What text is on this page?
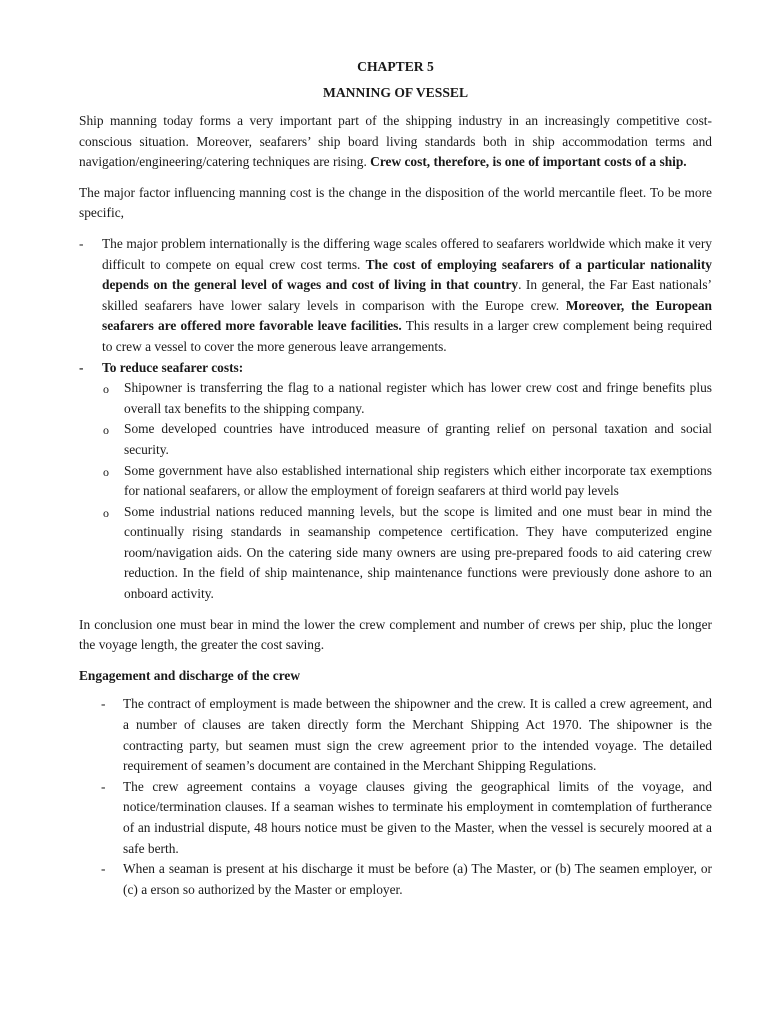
CHAPTER 5
MANNING OF VESSEL

Ship manning today forms a very important part of the shipping industry in an increasingly competitive cost-conscious situation. Moreover, seafarers’ ship board living standards both in ship accommodation terms and navigation/engineering/catering techniques are rising. Crew cost, therefore, is one of important costs of a ship.

The major factor influencing manning cost is the change in the disposition of the world mercantile fleet. To be more specific,

- The major problem internationally is the differing wage scales offered to seafarers worldwide which make it very difficult to compete on equal crew cost terms. The cost of employing seafarers of a particular nationality depends on the general level of wages and cost of living in that country. In general, the Far East nationals’ skilled seafarers have lower salary levels in comparison with the Europe crew. Moreover, the European seafarers are offered more favorable leave facilities. This results in a larger crew complement being required to crew a vessel to cover the more generous leave arrangements.
- To reduce seafarer costs:
o Shipowner is transferring the flag to a national register which has lower crew cost and fringe benefits plus overall tax benefits to the shipping company.
o Some developed countries have introduced measure of granting relief on personal taxation and social security.
o Some government have also established international ship registers which either incorporate tax exemptions for national seafarers, or allow the employment of foreign seafarers at third world pay levels
o Some industrial nations reduced manning levels, but the scope is limited and one must bear in mind the continually rising standards in seamanship competence certification. They have computerized engine room/navigation aids. On the catering side many owners are using pre-prepared foods to aid catering crew reduction. In the field of ship maintenance, ship maintenance functions were previously done ashore to an onboard activity.

In conclusion one must bear in mind the lower the crew complement and number of crews per ship, pluc the longer the voyage length, the greater the cost saving.

Engagement and discharge of the crew
- The contract of employment is made between the shipowner and the crew. It is called a crew agreement, and a number of clauses are taken directly form the Merchant Shipping Act 1970. The shipowner is the contracting party, but seamen must sign the crew agreement prior to the intended voyage. The detailed requirement of seamen’s document are contained in the Merchant Shipping Regulations.
- The crew agreement contains a voyage clauses giving the geographical limits of the voyage, and notice/termination clauses. If a seaman wishes to terminate his employment in comtemplation of furtherance of an industrial dispute, 48 hours notice must be given to the Master, when the vessel is securely moored at a safe berth.
- When a seaman is present at his discharge it must be before (a) The Master, or (b) The seamen employer, or (c) a erson so authorized by the Master or employer.
